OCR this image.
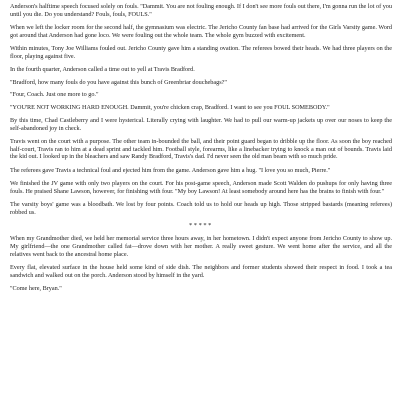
Anderson's halftime speech focused solely on fouls. "Dammit. You are not fouling enough. If I don't see more fouls out there, I'm gonna run the lot of you until you die. Do you understand? Fouls, fouls, FOULS."

When we left the locker room for the second half, the gymnasium was electric. The Jericho County fan base had arrived for the Girls Varsity game. Word got around that Anderson had gone loco. We were fouling out the whole team. The whole gym buzzed with excitement.

Within minutes, Tony Joe Williams fouled out. Jericho County gave him a standing ovation. The referees bowed their heads. We had three players on the floor, playing against five.

In the fourth quarter, Anderson called a time out to yell at Travis Bradford.

"Bradford, how many fouls do you have against this bunch of Greenbriar douchebags?"

"Four, Coach. Just one more to go."

"YOU'RE NOT WORKING HARD ENOUGH. Dammit, you're chicken crap, Bradford. I want to see you FOUL SOMEBODY."

By this time, Chad Castleberry and I were hysterical. Literally crying with laughter. We had to pull our warm-up jackets up over our noses to keep the self-abandoned joy in check.

Travis went on the court with a purpose. The other team in-bounded the ball, and their point guard began to dribble up the floor. As soon the boy reached half-court, Travis ran to him at a dead sprint and tackled him. Football style, forearms, like a linebacker trying to knock a man out of bounds. Travis laid the kid out. I looked up in the bleachers and saw Randy Bradford, Travis's dad. I'd never seen the old man beam with so much pride.

The referees gave Travis a technical foul and ejected him from the game. Anderson gave him a hug. "I love you so much, Pierre."

We finished the JV game with only two players on the court. For his post-game speech, Anderson made Scott Walden do pushups for only having three fouls. He praised Shane Lawson, however, for finishing with four. "My boy Lawson! At least somebody around here has the brains to finish with four."

The varsity boys' game was a bloodbath. We lost by four points. Coach told us to hold our heads up high. Those stripped bastards (meaning referees) robbed us.

*****

When my Grandmother died, we held her memorial service three hours away, in her hometown. I didn't expect anyone from Jericho County to show up. My girlfriend—the one Grandmother called fat—drove down with her mother. A really sweet gesture. We went home after the service, and all the relatives went back to the ancestral home place.

Every flat, elevated surface in the house held some kind of side dish. The neighbors and former students showed their respect in food. I took a tea sandwich and walked out on the porch. Anderson stood by himself in the yard.

"Come here, Bryan."
